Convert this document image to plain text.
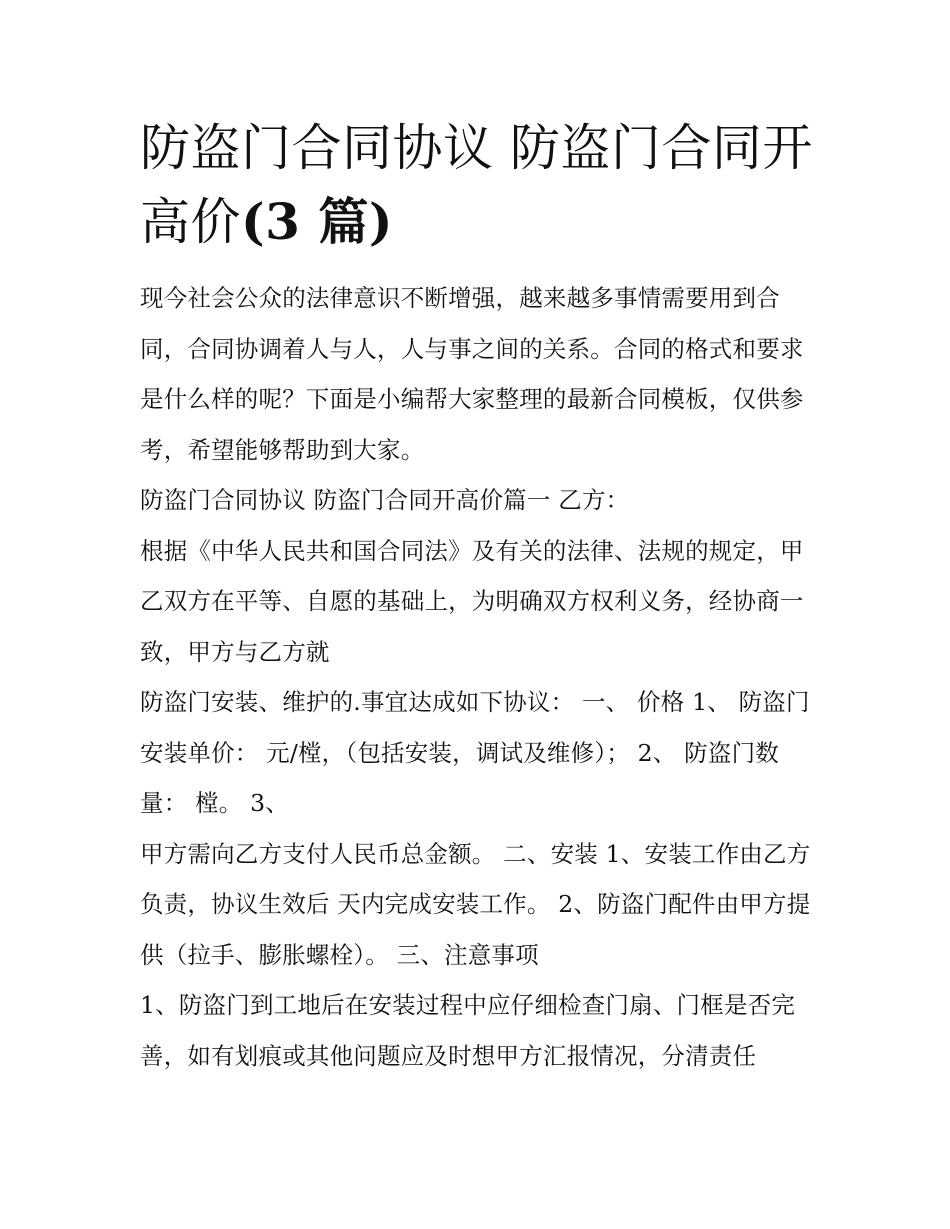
防盗门合同协议 防盗门合同开
高价(3 篇)

现今社会公众的法律意识不断增强，越来越多事情需要用到合同，合同协调着人与人，人与事之间的关系。合同的格式和要求是什么样的呢？下面是小编帮大家整理的最新合同模板，仅供参考，希望能够帮助到大家。

防盗门合同协议 防盗门合同开高价篇一 乙方：

根据《中华人民共和国合同法》及有关的法律、法规的规定，甲乙双方在平等、自愿的基础上，为明确双方权利义务，经协商一致，甲方与乙方就

防盗门安装、维护的.事宜达成如下协议： 一、 价格 1、 防盗门安装单价： 元/樘，（包括安装，调试及维修）； 2、 防盗门数量： 樘。 3、

甲方需向乙方支付人民币总金额。 二、安装 1、安装工作由乙方负责，协议生效后 天内完成安装工作。 2、防盗门配件由甲方提供（拉手、膨胀螺栓）。 三、注意事项

1、防盗门到工地后在安装过程中应仔细检查门扇、门框是否完善，如有划痕或其他问题应及时想甲方汇报情况，分清责任
